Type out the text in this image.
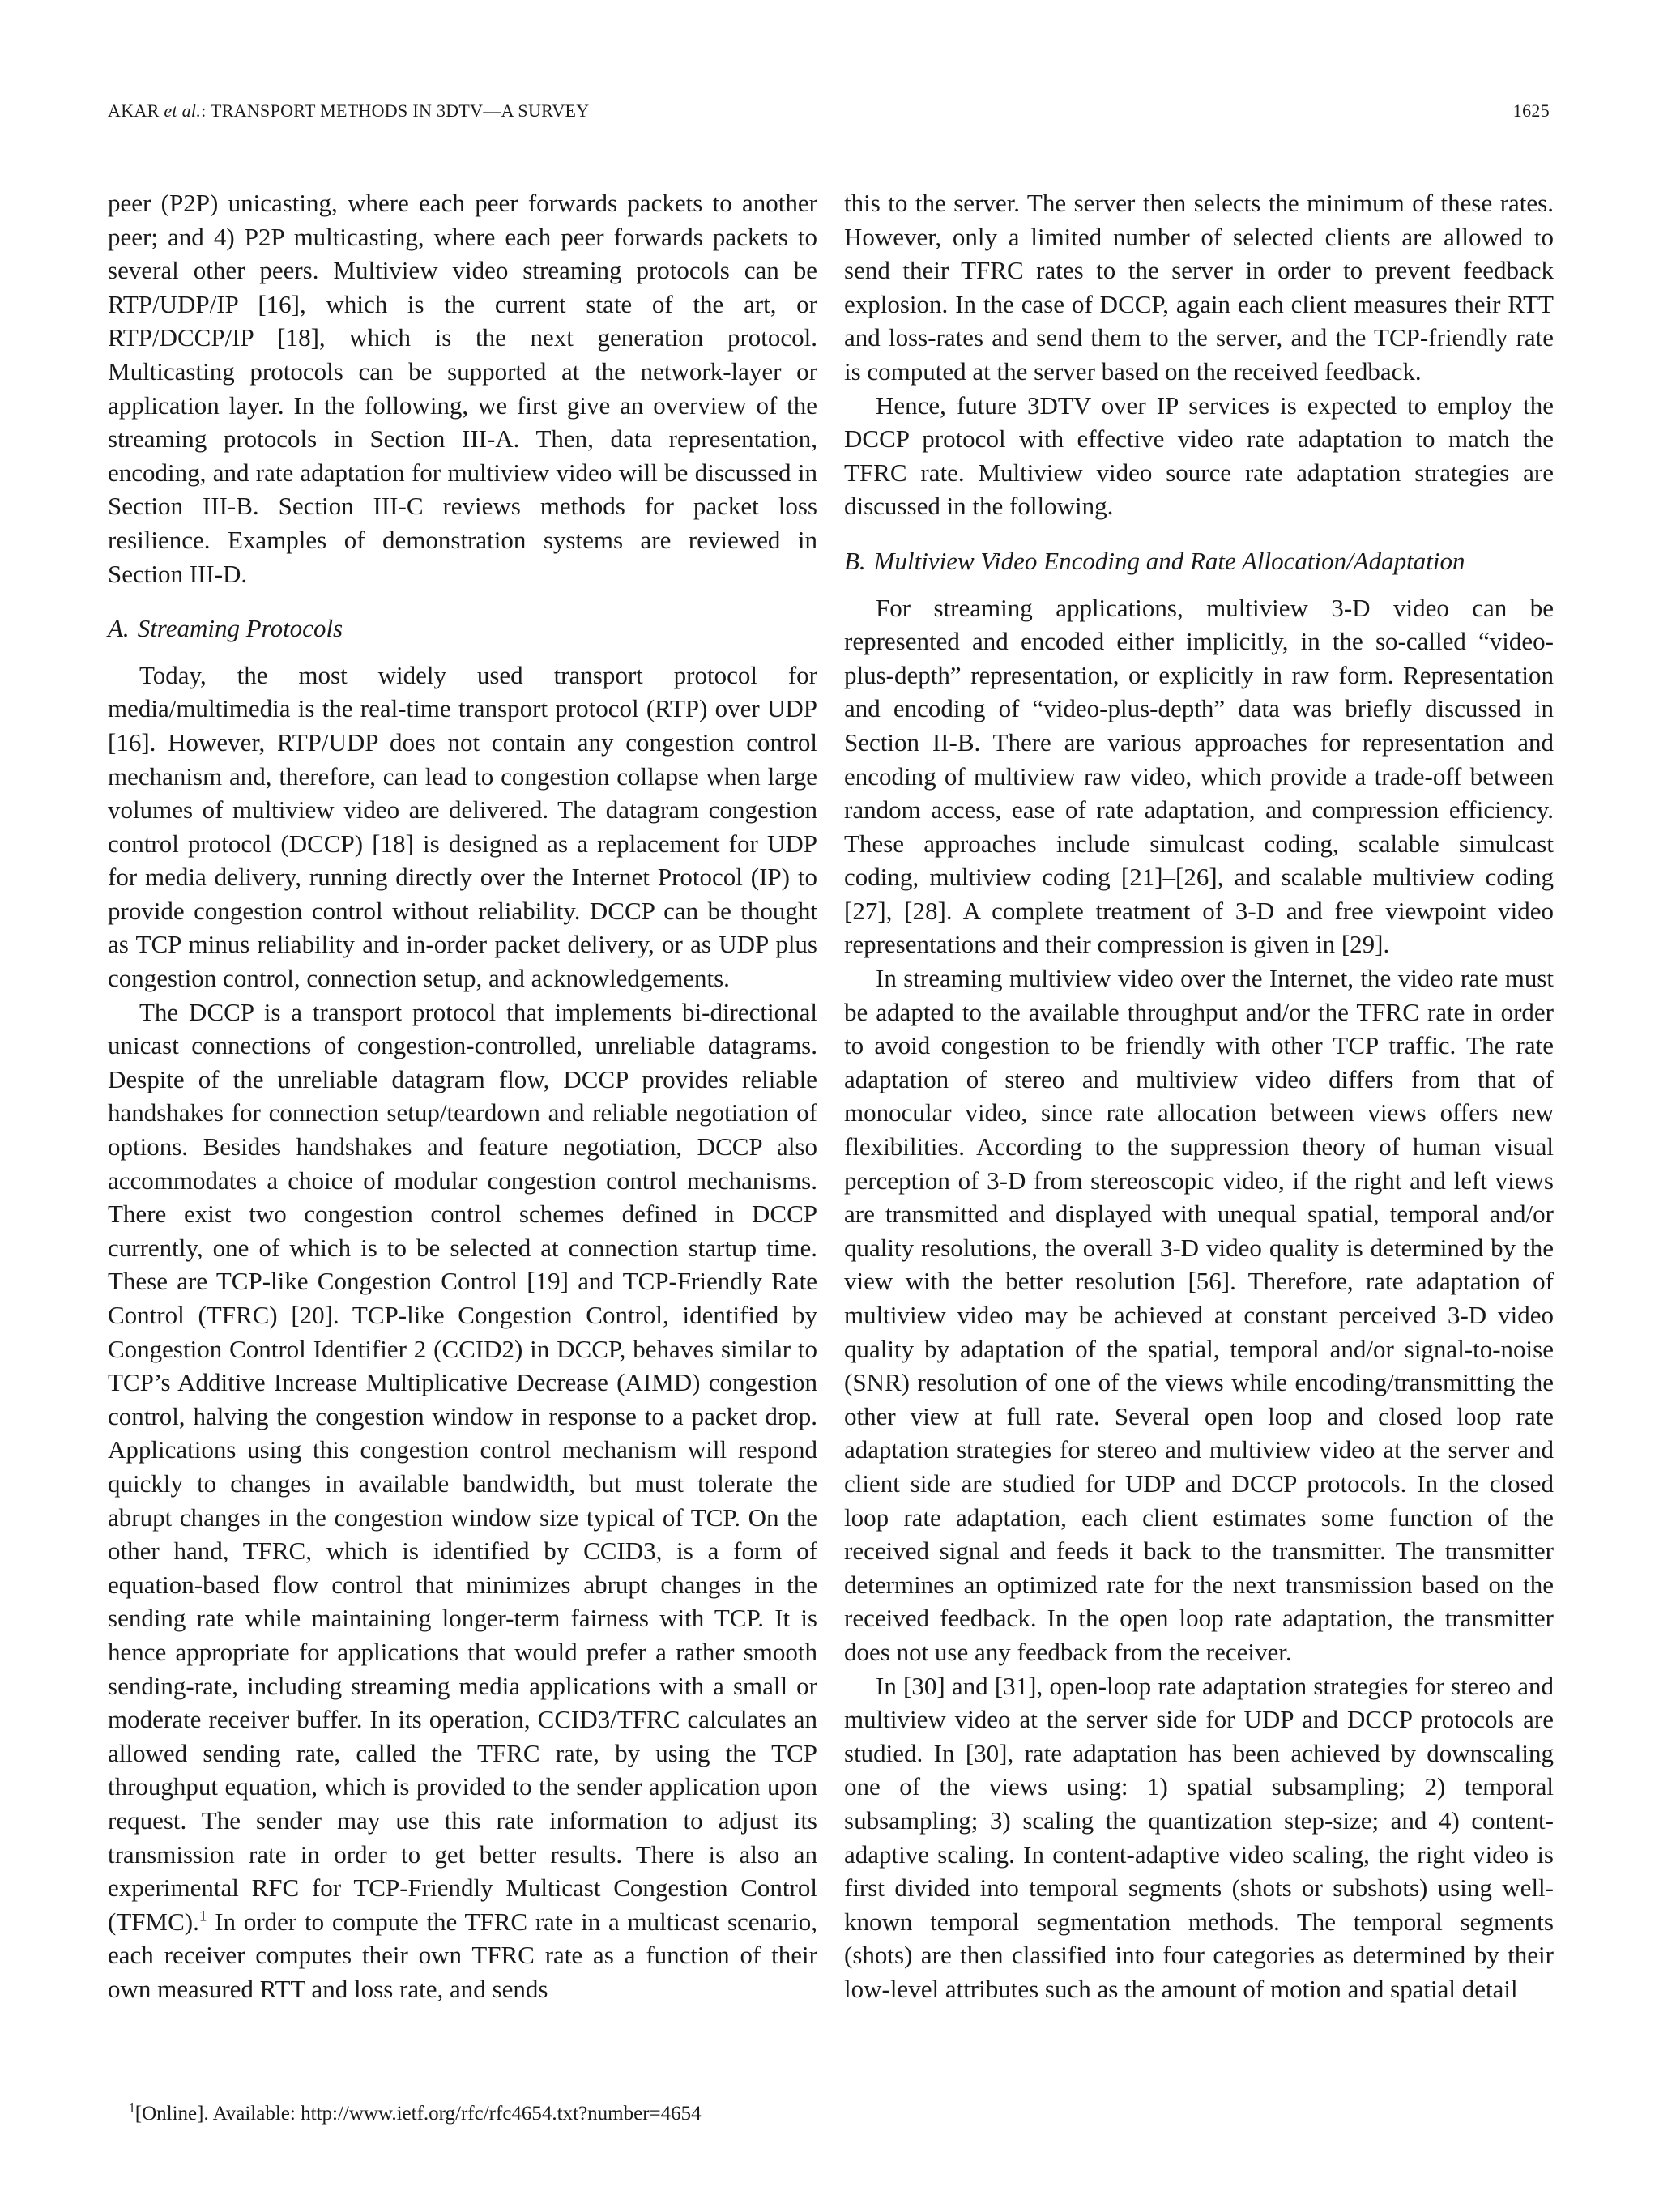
AKAR et al.: TRANSPORT METHODS IN 3DTV—A SURVEY	1625

peer (P2P) unicasting, where each peer forwards packets to another peer; and 4) P2P multicasting, where each peer forwards packets to several other peers. Multiview video streaming protocols can be RTP/UDP/IP [16], which is the current state of the art, or RTP/DCCP/IP [18], which is the next generation protocol. Multicasting protocols can be supported at the network-layer or application layer. In the following, we first give an overview of the streaming protocols in Section III-A. Then, data representation, encoding, and rate adaptation for multiview video will be discussed in Section III-B. Section III-C reviews methods for packet loss resilience. Examples of demonstration systems are reviewed in Section III-D.

A. Streaming Protocols

Today, the most widely used transport protocol for media/multimedia is the real-time transport protocol (RTP) over UDP [16]. However, RTP/UDP does not contain any congestion control mechanism and, therefore, can lead to congestion collapse when large volumes of multiview video are delivered. The datagram congestion control protocol (DCCP) [18] is designed as a replacement for UDP for media delivery, running directly over the Internet Protocol (IP) to provide congestion control without reliability. DCCP can be thought as TCP minus reliability and in-order packet delivery, or as UDP plus congestion control, connection setup, and acknowledgements.

The DCCP is a transport protocol that implements bi-directional unicast connections of congestion-controlled, unreliable datagrams. Despite of the unreliable datagram flow, DCCP provides reliable handshakes for connection setup/teardown and reliable negotiation of options. Besides handshakes and feature negotiation, DCCP also accommodates a choice of modular congestion control mechanisms. There exist two congestion control schemes defined in DCCP currently, one of which is to be selected at connection startup time. These are TCP-like Congestion Control [19] and TCP-Friendly Rate Control (TFRC) [20]. TCP-like Congestion Control, identified by Congestion Control Identifier 2 (CCID2) in DCCP, behaves similar to TCP’s Additive Increase Multiplicative Decrease (AIMD) congestion control, halving the congestion window in response to a packet drop. Applications using this congestion control mechanism will respond quickly to changes in available bandwidth, but must tolerate the abrupt changes in the congestion window size typical of TCP. On the other hand, TFRC, which is identified by CCID3, is a form of equation-based flow control that minimizes abrupt changes in the sending rate while maintaining longer-term fairness with TCP. It is hence appropriate for applications that would prefer a rather smooth sending-rate, including streaming media applications with a small or moderate receiver buffer. In its operation, CCID3/TFRC calculates an allowed sending rate, called the TFRC rate, by using the TCP throughput equation, which is provided to the sender application upon request. The sender may use this rate information to adjust its transmission rate in order to get better results. There is also an experimental RFC for TCP-Friendly Multicast Congestion Control (TFMC).$^1$ In order to compute the TFRC rate in a multicast scenario, each receiver computes their own TFRC rate as a function of their own measured RTT and loss rate, and sends

this to the server. The server then selects the minimum of these rates. However, only a limited number of selected clients are allowed to send their TFRC rates to the server in order to prevent feedback explosion. In the case of DCCP, again each client measures their RTT and loss-rates and send them to the server, and the TCP-friendly rate is computed at the server based on the received feedback.

Hence, future 3DTV over IP services is expected to employ the DCCP protocol with effective video rate adaptation to match the TFRC rate. Multiview video source rate adaptation strategies are discussed in the following.

B. Multiview Video Encoding and Rate Allocation/Adaptation

For streaming applications, multiview 3-D video can be represented and encoded either implicitly, in the so-called “video-plus-depth” representation, or explicitly in raw form. Representation and encoding of “video-plus-depth” data was briefly discussed in Section II-B. There are various approaches for representation and encoding of multiview raw video, which provide a trade-off between random access, ease of rate adaptation, and compression efficiency. These approaches include simulcast coding, scalable simulcast coding, multiview coding [21]–[26], and scalable multiview coding [27], [28]. A complete treatment of 3-D and free viewpoint video representations and their compression is given in [29].

In streaming multiview video over the Internet, the video rate must be adapted to the available throughput and/or the TFRC rate in order to avoid congestion to be friendly with other TCP traffic. The rate adaptation of stereo and multiview video differs from that of monocular video, since rate allocation between views offers new flexibilities. According to the suppression theory of human visual perception of 3-D from stereoscopic video, if the right and left views are transmitted and displayed with unequal spatial, temporal and/or quality resolutions, the overall 3-D video quality is determined by the view with the better resolution [56]. Therefore, rate adaptation of multiview video may be achieved at constant perceived 3-D video quality by adaptation of the spatial, temporal and/or signal-to-noise (SNR) resolution of one of the views while encoding/transmitting the other view at full rate. Several open loop and closed loop rate adaptation strategies for stereo and multiview video at the server and client side are studied for UDP and DCCP protocols. In the closed loop rate adaptation, each client estimates some function of the received signal and feeds it back to the transmitter. The transmitter determines an optimized rate for the next transmission based on the received feedback. In the open loop rate adaptation, the transmitter does not use any feedback from the receiver.

In [30] and [31], open-loop rate adaptation strategies for stereo and multiview video at the server side for UDP and DCCP protocols are studied. In [30], rate adaptation has been achieved by downscaling one of the views using: 1) spatial subsampling; 2) temporal subsampling; 3) scaling the quantization step-size; and 4) content-adaptive scaling. In content-adaptive video scaling, the right video is first divided into temporal segments (shots or subshots) using well-known temporal segmentation methods. The temporal segments (shots) are then classified into four categories as determined by their low-level attributes such as the amount of motion and spatial detail

$^1$[Online]. Available: http://www.ietf.org/rfc/rfc4654.txt?number=4654
